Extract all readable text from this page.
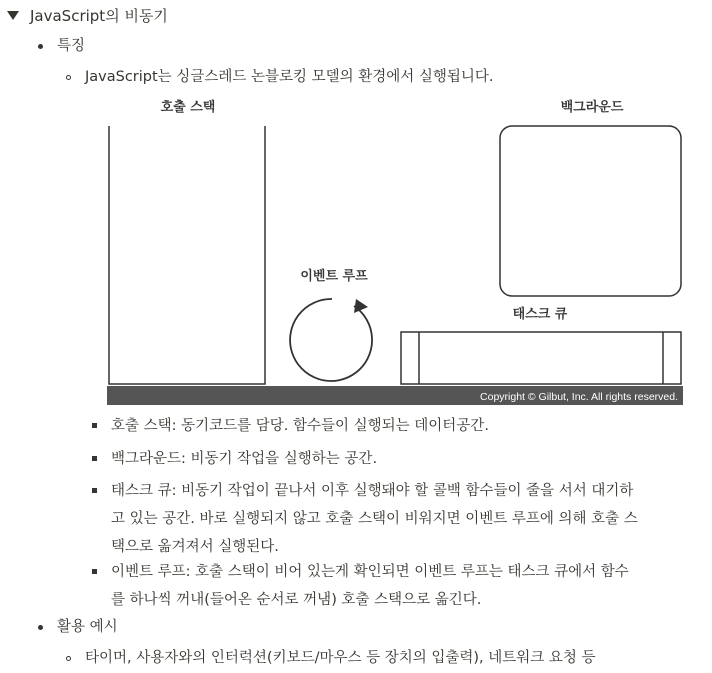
JavaScript의 비동기
특징
JavaScript는 싱글스레드 논블로킹 모델의 환경에서 실행됩니다.
호출 스택	백그라운드
이벤트 루프
태스크 큐
Copyright © Gilbut, Inc. All rights reserved.
호출 스택: 동기코드를 담당. 함수들이 실행되는 데이터공간.
백그라운드: 비동기 작업을 실행하는 공간.
태스크 큐: 비동기 작업이 끝나서 이후 실행돼야 할 콜백 함수들이 줄을 서서 대기하
고 있는 공간. 바로 실행되지 않고 호출 스택이 비워지면 이벤트 루프에 의해 호출 스
택으로 옮겨져서 실행된다.
이벤트 루프: 호출 스택이 비어 있는게 확인되면 이벤트 루프는 태스크 큐에서 함수
를 하나씩 꺼내(들어온 순서로 꺼냄) 호출 스택으로 옮긴다.
활용 예시
타이머, 사용자와의 인터럭션(키보드/마우스 등 장치의 입출력), 네트워크 요청 등
